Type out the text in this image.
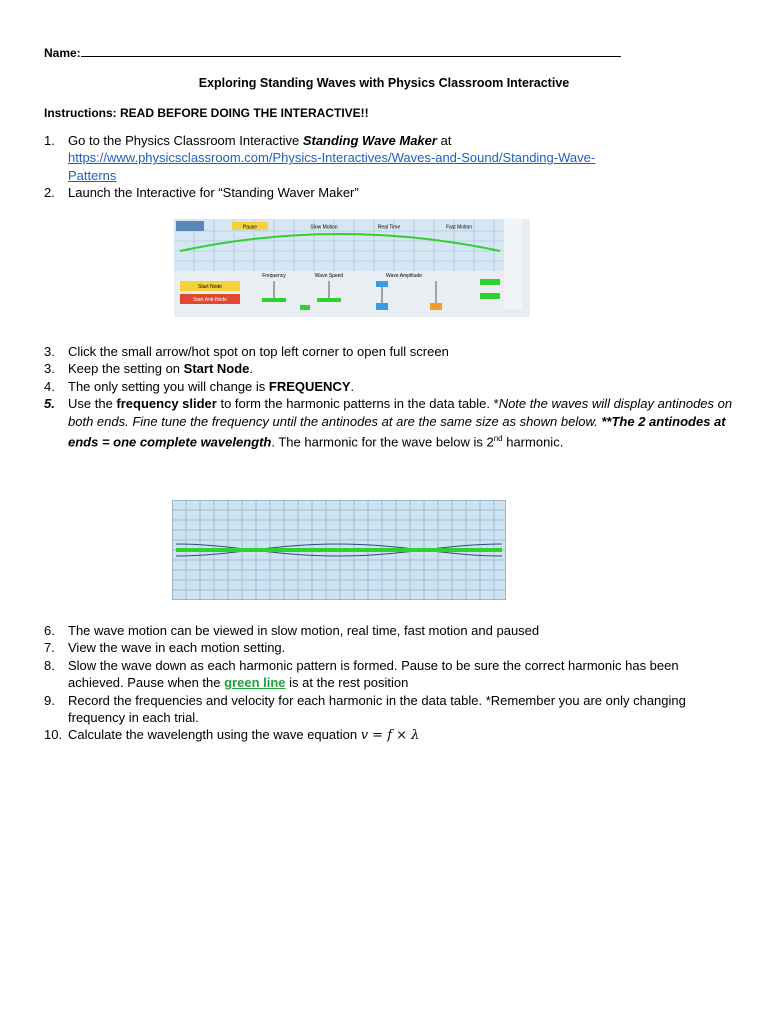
Name:
Exploring Standing Waves with Physics Classroom Interactive
Instructions: READ BEFORE DOING THE INTERACTIVE!!
1. Go to the Physics Classroom Interactive Standing Wave Maker at
https://www.physicsclassroom.com/Physics-Interactives/Waves-and-Sound/Standing-Wave-
Patterns
2. Launch the Interactive for “Standing Waver Maker”
Pause	Slow Motion	Real Time	Fast Motion
Start Node
Start Anti-Node
Frequency	Wave Speed	Wave Amplitude
3. Click the small arrow/hot spot on top left corner to open full screen
3. Keep the setting on Start Node.
4. The only setting you will change is FREQUENCY.
5. Use the frequency slider to form the harmonic patterns in the data table. *Note the waves will display antinodes on both ends. Fine tune the frequency until the antinodes at are the same size as shown below. **The 2 antinodes at ends = one complete wavelength. The harmonic for the wave below is 2nd harmonic.
6. The wave motion can be viewed in slow motion, real time, fast motion and paused
7. View the wave in each motion setting.
8. Slow the wave down as each harmonic pattern is formed. Pause to be sure the correct harmonic has been achieved. Pause when the green line is at the rest position
9. Record the frequencies and velocity for each harmonic in the data table. *Remember you are only changing frequency in each trial.
10. Calculate the wavelength using the wave equation v = f × λ
